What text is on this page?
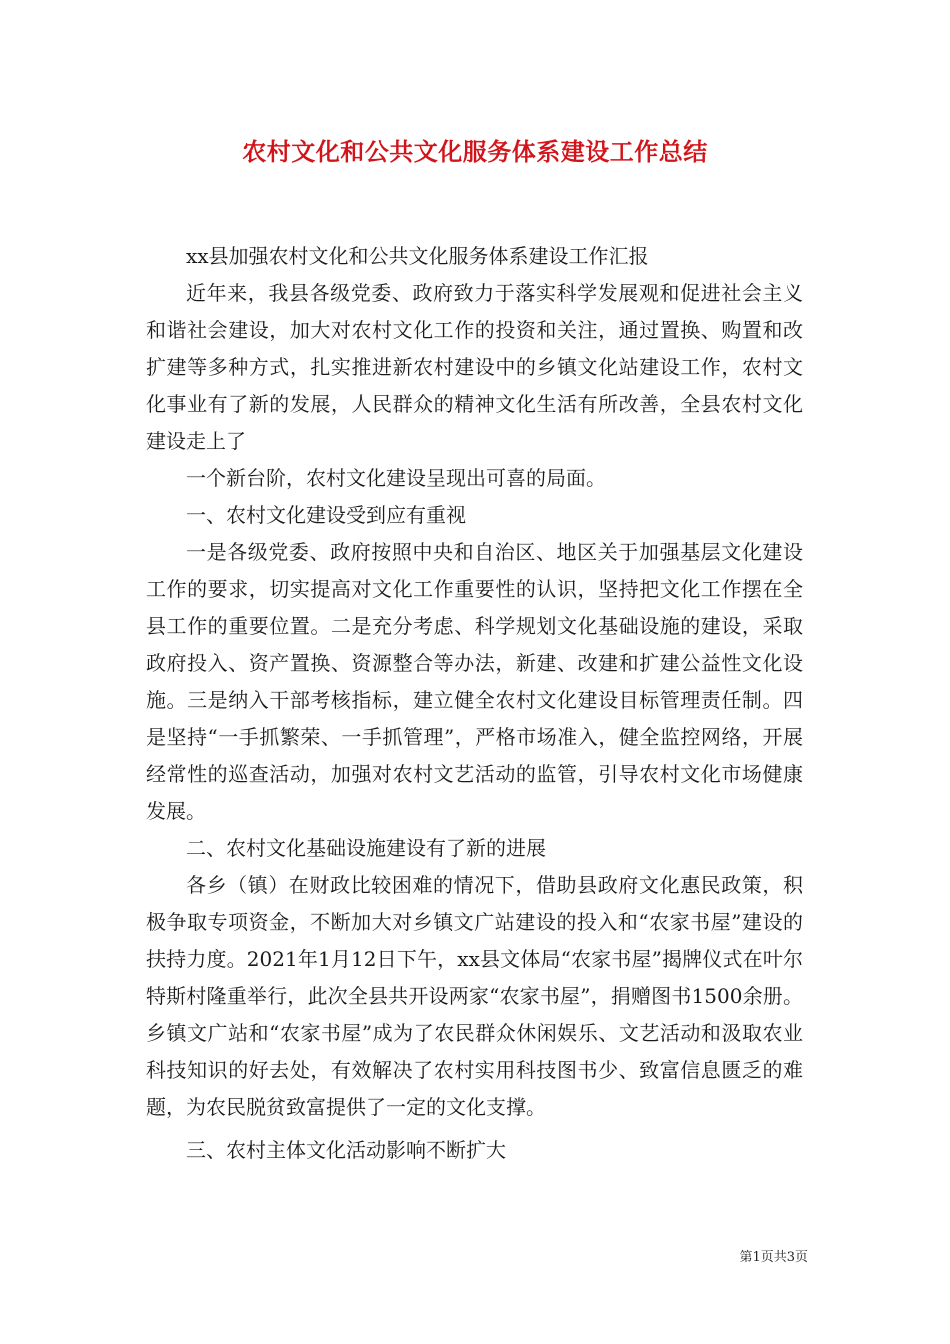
农村文化和公共文化服务体系建设工作总结

xx县加强农村文化和公共文化服务体系建设工作汇报

近年来，我县各级党委、政府致力于落实科学发展观和促进社会主义和谐社会建设，加大对农村文化工作的投资和关注，通过置换、购置和改扩建等多种方式，扎实推进新农村建设中的乡镇文化站建设工作，农村文化事业有了新的发展，人民群众的精神文化生活有所改善，全县农村文化建设走上了

一个新台阶，农村文化建设呈现出可喜的局面。

一、农村文化建设受到应有重视

一是各级党委、政府按照中央和自治区、地区关于加强基层文化建设工作的要求，切实提高对文化工作重要性的认识，坚持把文化工作摆在全县工作的重要位置。二是充分考虑、科学规划文化基础设施的建设，采取政府投入、资产置换、资源整合等办法，新建、改建和扩建公益性文化设施。三是纳入干部考核指标，建立健全农村文化建设目标管理责任制。四是坚持“一手抓繁荣、一手抓管理”，严格市场准入，健全监控网络，开展经常性的巡查活动，加强对农村文艺活动的监管，引导农村文化市场健康发展。

二、农村文化基础设施建设有了新的进展

各乡（镇）在财政比较困难的情况下，借助县政府文化惠民政策，积极争取专项资金，不断加大对乡镇文广站建设的投入和“农家书屋”建设的扶持力度。2021年1月12日下午，xx县文体局“农家书屋”揭牌仪式在叶尔特斯村隆重举行，此次全县共开设两家“农家书屋”，捐赠图书1500余册。乡镇文广站和“农家书屋”成为了农民群众休闲娱乐、文艺活动和汲取农业科技知识的好去处，有效解决了农村实用科技图书少、致富信息匮乏的难题，为农民脱贫致富提供了一定的文化支撑。

三、农村主体文化活动影响不断扩大

第1页共3页
